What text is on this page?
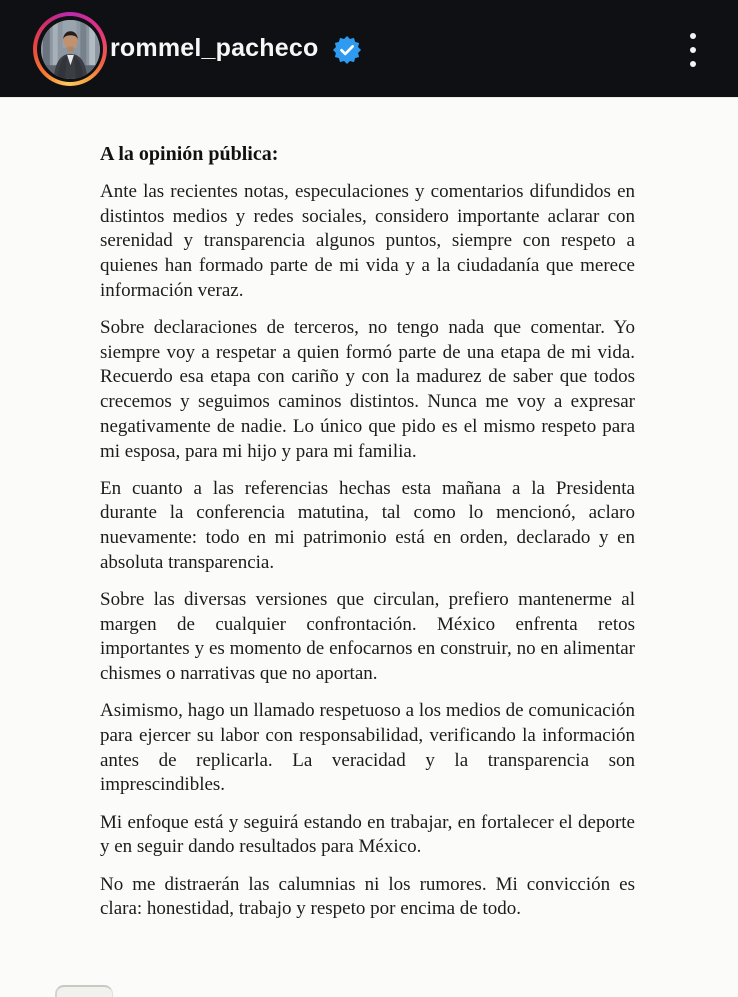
rommel_pacheco
A la opinión pública:

Ante las recientes notas, especulaciones y comentarios difundidos en distintos medios y redes sociales, considero importante aclarar con serenidad y transparencia algunos puntos, siempre con respeto a quienes han formado parte de mi vida y a la ciudadanía que merece información veraz.

Sobre declaraciones de terceros, no tengo nada que comentar. Yo siempre voy a respetar a quien formó parte de una etapa de mi vida. Recuerdo esa etapa con cariño y con la madurez de saber que todos crecemos y seguimos caminos distintos. Nunca me voy a expresar negativamente de nadie. Lo único que pido es el mismo respeto para mi esposa, para mi hijo y para mi familia.

En cuanto a las referencias hechas esta mañana a la Presidenta durante la conferencia matutina, tal como lo mencionó, aclaro nuevamente: todo en mi patrimonio está en orden, declarado y en absoluta transparencia.

Sobre las diversas versiones que circulan, prefiero mantenerme al margen de cualquier confrontación. México enfrenta retos importantes y es momento de enfocarnos en construir, no en alimentar chismes o narrativas que no aportan.

Asimismo, hago un llamado respetuoso a los medios de comunicación para ejercer su labor con responsabilidad, verificando la información antes de replicarla. La veracidad y la transparencia son imprescindibles.

Mi enfoque está y seguirá estando en trabajar, en fortalecer el deporte y en seguir dando resultados para México.

No me distraerán las calumnias ni los rumores. Mi convicción es clara: honestidad, trabajo y respeto por encima de todo.
